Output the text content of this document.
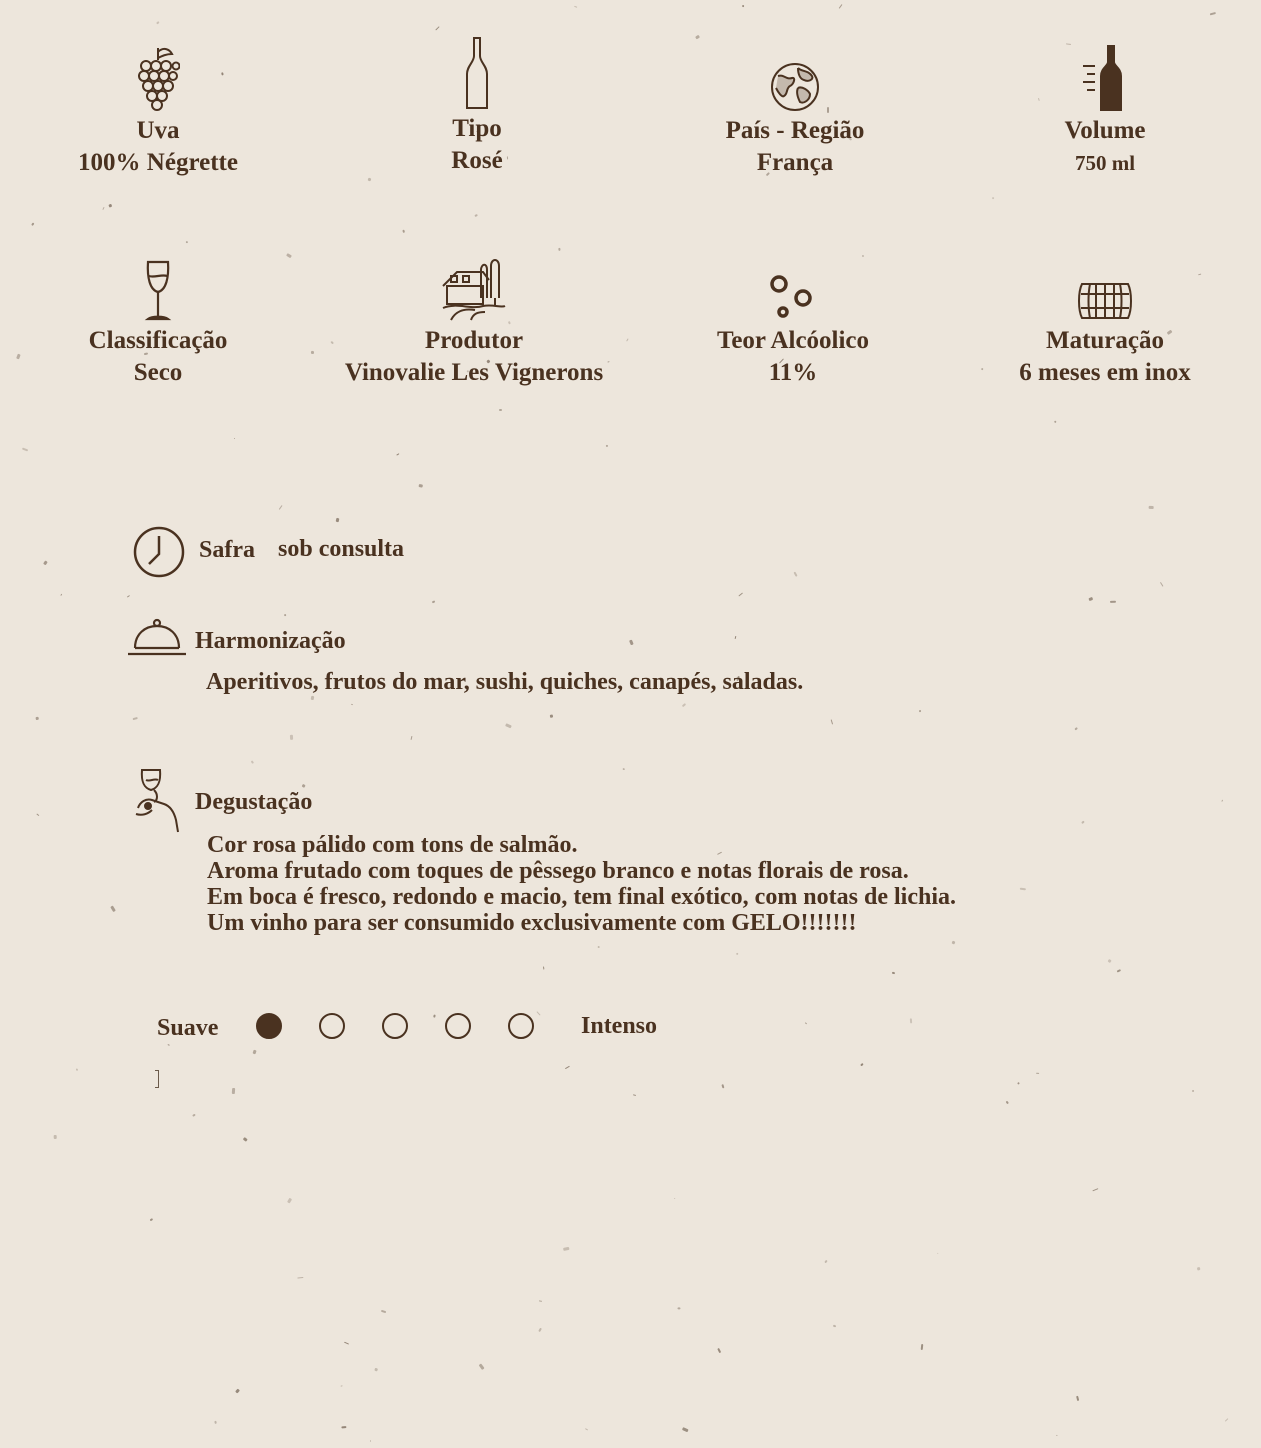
Uva
100% Négrette
Tipo
Rosé
País - Região
França
Volume
750 ml
Classificação
Seco
Produtor
Vinovalie Les Vignerons
Teor Alcóolico
11%
Maturação
6 meses em inox
Safra sob consulta
Harmonização
Aperitivos, frutos do mar, sushi, quiches, canapés, saladas.
Degustação
Cor rosa pálido com tons de salmão.
Aroma frutado com toques de pêssego branco e notas florais de rosa.
Em boca é fresco, redondo e macio, tem final exótico, com notas de lichia.
Um vinho para ser consumido exclusivamente com GELO!!!!!!!
Suave	Intenso
